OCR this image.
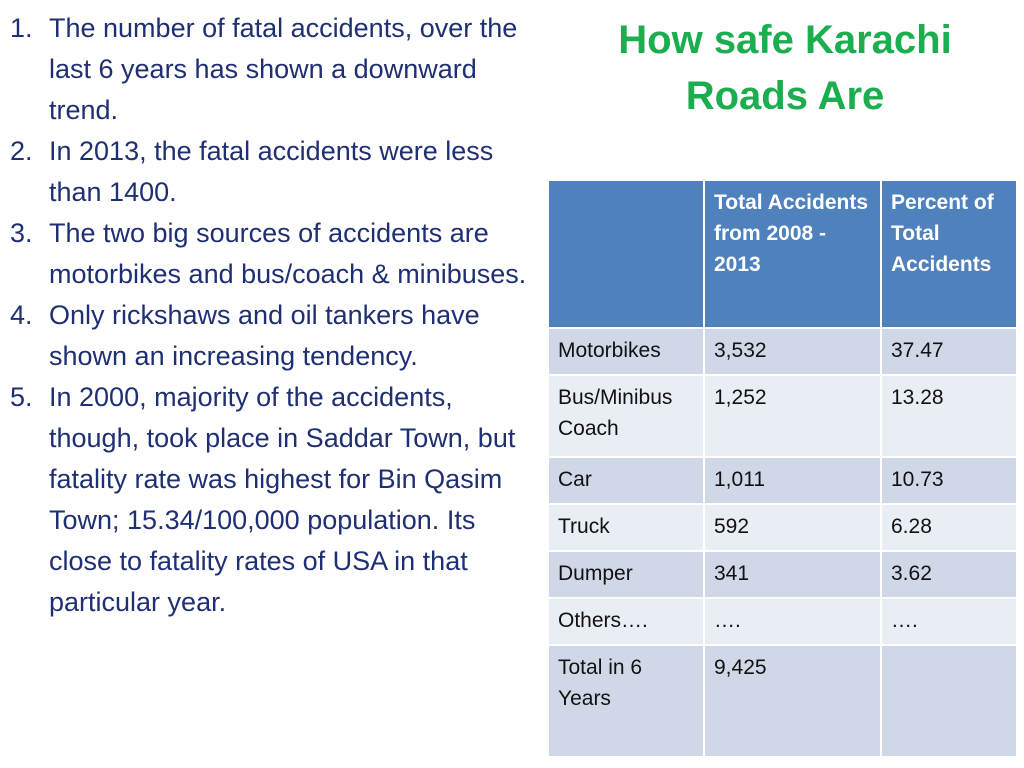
1. The number of fatal accidents, over the last 6 years has shown a downward trend.
2. In 2013, the fatal accidents were less than 1400.
3. The two big sources of accidents are motorbikes and bus/coach & minibuses.
4. Only rickshaws and oil tankers have shown an increasing tendency.
5. In 2000, majority of the accidents, though, took place in Saddar Town, but fatality rate was highest for Bin Qasim Town; 15.34/100,000 population. Its close to fatality rates of USA in that particular year.
How safe Karachi Roads Are
	Total Accidents from 2008 - 2013	Percent of Total Accidents
Motorbikes	3,532	37.47
Bus/Minibus Coach	1,252	13.28
Car	1,011	10.73
Truck	592	6.28
Dumper	341	3.62
Others….	….	….
Total in 6 Years	9,425	
